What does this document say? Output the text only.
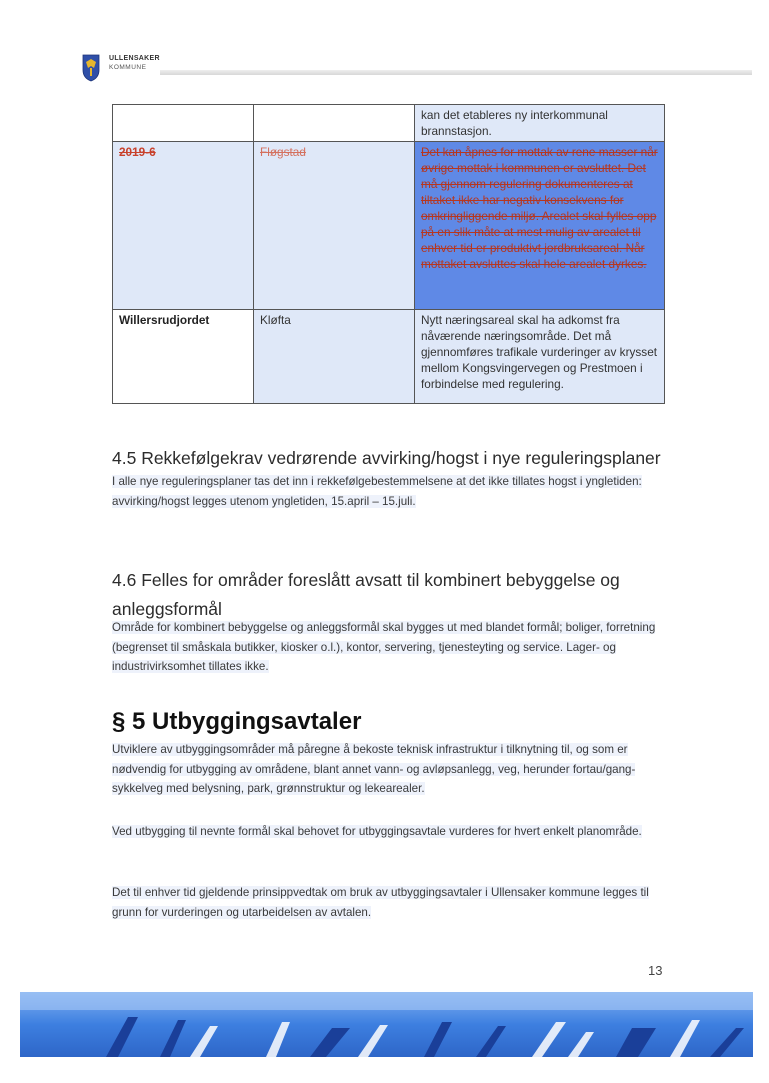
ULLENSAKER
KOMMUNE
		kan det etableres ny interkommunal brannstasjon.
2019-6	Fløgstad	Det kan åpnes for mottak av rene masser når øvrige mottak i kommunen er avsluttet. Det må gjennom regulering dokumenteres at tiltaket ikke har negativ konsekvens for omkringliggende miljø. Arealet skal fylles opp på en slik måte at mest mulig av arealet til enhver tid er produktivt jordbruksareal. Når mottaket avsluttes skal hele arealet dyrkes.
Willersrudjordet	Kløfta	Nytt næringsareal skal ha adkomst fra nåværende næringsområde. Det må gjennomføres trafikale vurderinger av krysset mellom Kongsvingervegen og Prestmoen i forbindelse med regulering.
4.5 Rekkefølgekrav vedrørende avvirking/hogst i nye reguleringsplaner

I alle nye reguleringsplaner tas det inn i rekkefølgebestemmelsene at det ikke tillates hogst i yngletiden: avvirking/hogst legges utenom yngletiden, 15.april – 15.juli.

4.6 Felles for områder foreslått avsatt til kombinert bebyggelse og anleggsformål

Område for kombinert bebyggelse og anleggsformål skal bygges ut med blandet formål; boliger, forretning (begrenset til småskala butikker, kiosker o.l.), kontor, servering, tjenesteyting og service. Lager- og industrivirksomhet tillates ikke.

§ 5 Utbyggingsavtaler

Utviklere av utbyggingsområder må påregne å bekoste teknisk infrastruktur i tilknytning til, og som er nødvendig for utbygging av områdene, blant annet vann- og avløpsanlegg, veg, herunder fortau/gang- sykkelveg med belysning, park, grønnstruktur og lekearealer.

Ved utbygging til nevnte formål skal behovet for utbyggingsavtale vurderes for hvert enkelt planområde.

Det til enhver tid gjeldende prinsippvedtak om bruk av utbyggingsavtaler i Ullensaker kommune legges til grunn for vurderingen og utarbeidelsen av avtalen.

13
